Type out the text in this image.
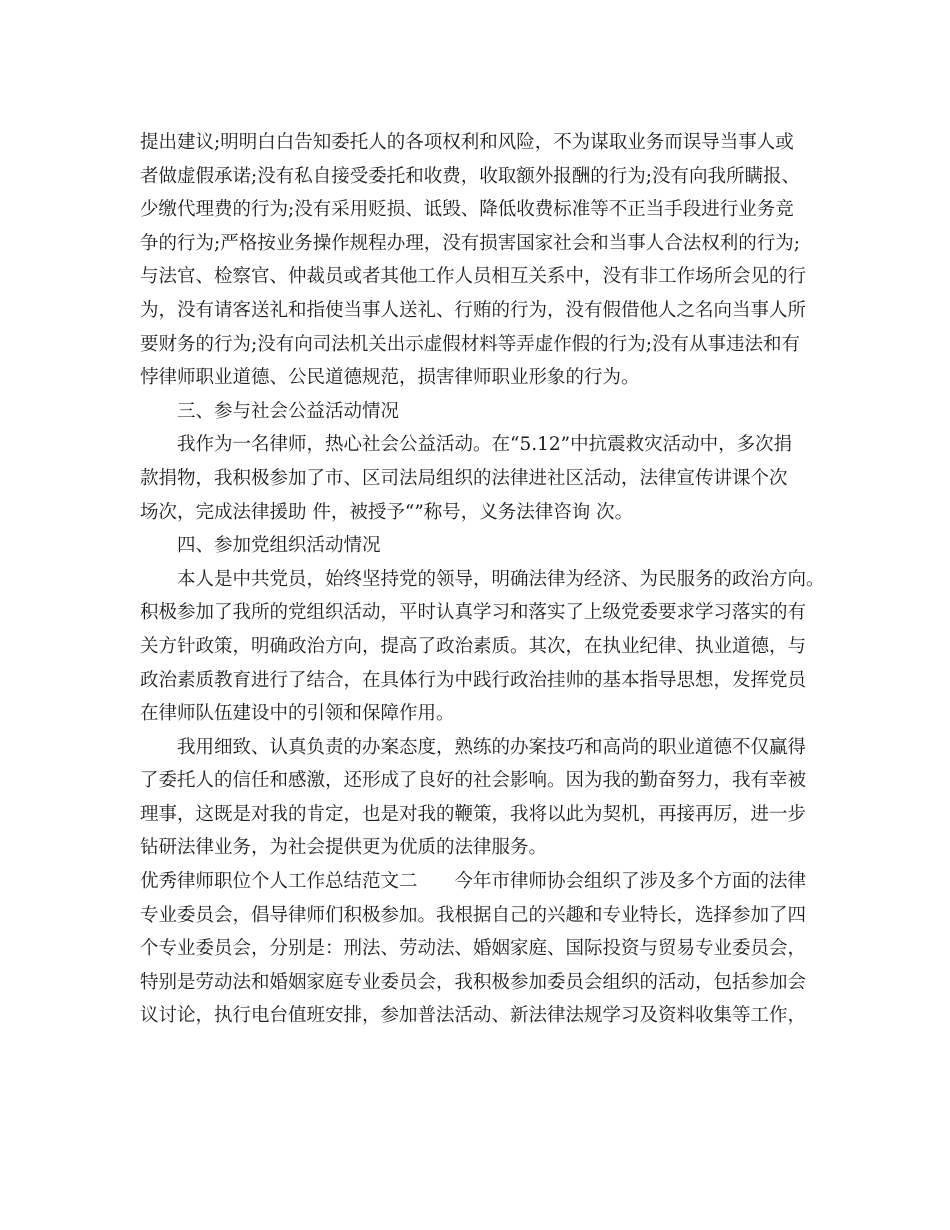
提出建议;明明白白告知委托人的各项权利和风险，不为谋取业务而误导当事人或
者做虚假承诺;没有私自接受委托和收费，收取额外报酬的行为;没有向我所瞒报、
少缴代理费的行为;没有采用贬损、诋毁、降低收费标准等不正当手段进行业务竞
争的行为;严格按业务操作规程办理，没有损害国家社会和当事人合法权利的行为;
与法官、检察官、仲裁员或者其他工作人员相互关系中，没有非工作场所会见的行
为，没有请客送礼和指使当事人送礼、行贿的行为，没有假借他人之名向当事人所
要财务的行为;没有向司法机关出示虚假材料等弄虚作假的行为;没有从事违法和有
悖律师职业道德、公民道德规范，损害律师职业形象的行为。
三、参与社会公益活动情况
我作为一名律师，热心社会公益活动。在“5.12”中抗震救灾活动中，多次捐
款捐物，我积极参加了市、区司法局组织的法律进社区活动，法律宣传讲课个次
场次，完成法律援助 件，被授予“”称号，义务法律咨询 次。
四、参加党组织活动情况
本人是中共党员，始终坚持党的领导，明确法律为经济、为民服务的政治方向。
积极参加了我所的党组织活动，平时认真学习和落实了上级党委要求学习落实的有
关方针政策，明确政治方向，提高了政治素质。其次，在执业纪律、执业道德，与
政治素质教育进行了结合，在具体行为中践行政治挂帅的基本指导思想，发挥党员
在律师队伍建设中的引领和保障作用。
我用细致、认真负责的办案态度，熟练的办案技巧和高尚的职业道德不仅赢得
了委托人的信任和感激，还形成了良好的社会影响。因为我的勤奋努力，我有幸被
理事，这既是对我的肯定，也是对我的鞭策，我将以此为契机，再接再厉，进一步
钻研法律业务，为社会提供更为优质的法律服务。
优秀律师职位个人工作总结范文二　　今年市律师协会组织了涉及多个方面的法律
专业委员会，倡导律师们积极参加。我根据自己的兴趣和专业特长，选择参加了四
个专业委员会，分别是：刑法、劳动法、婚姻家庭、国际投资与贸易专业委员会，
特别是劳动法和婚姻家庭专业委员会，我积极参加委员会组织的活动，包括参加会
议讨论，执行电台值班安排，参加普法活动、新法律法规学习及资料收集等工作，
